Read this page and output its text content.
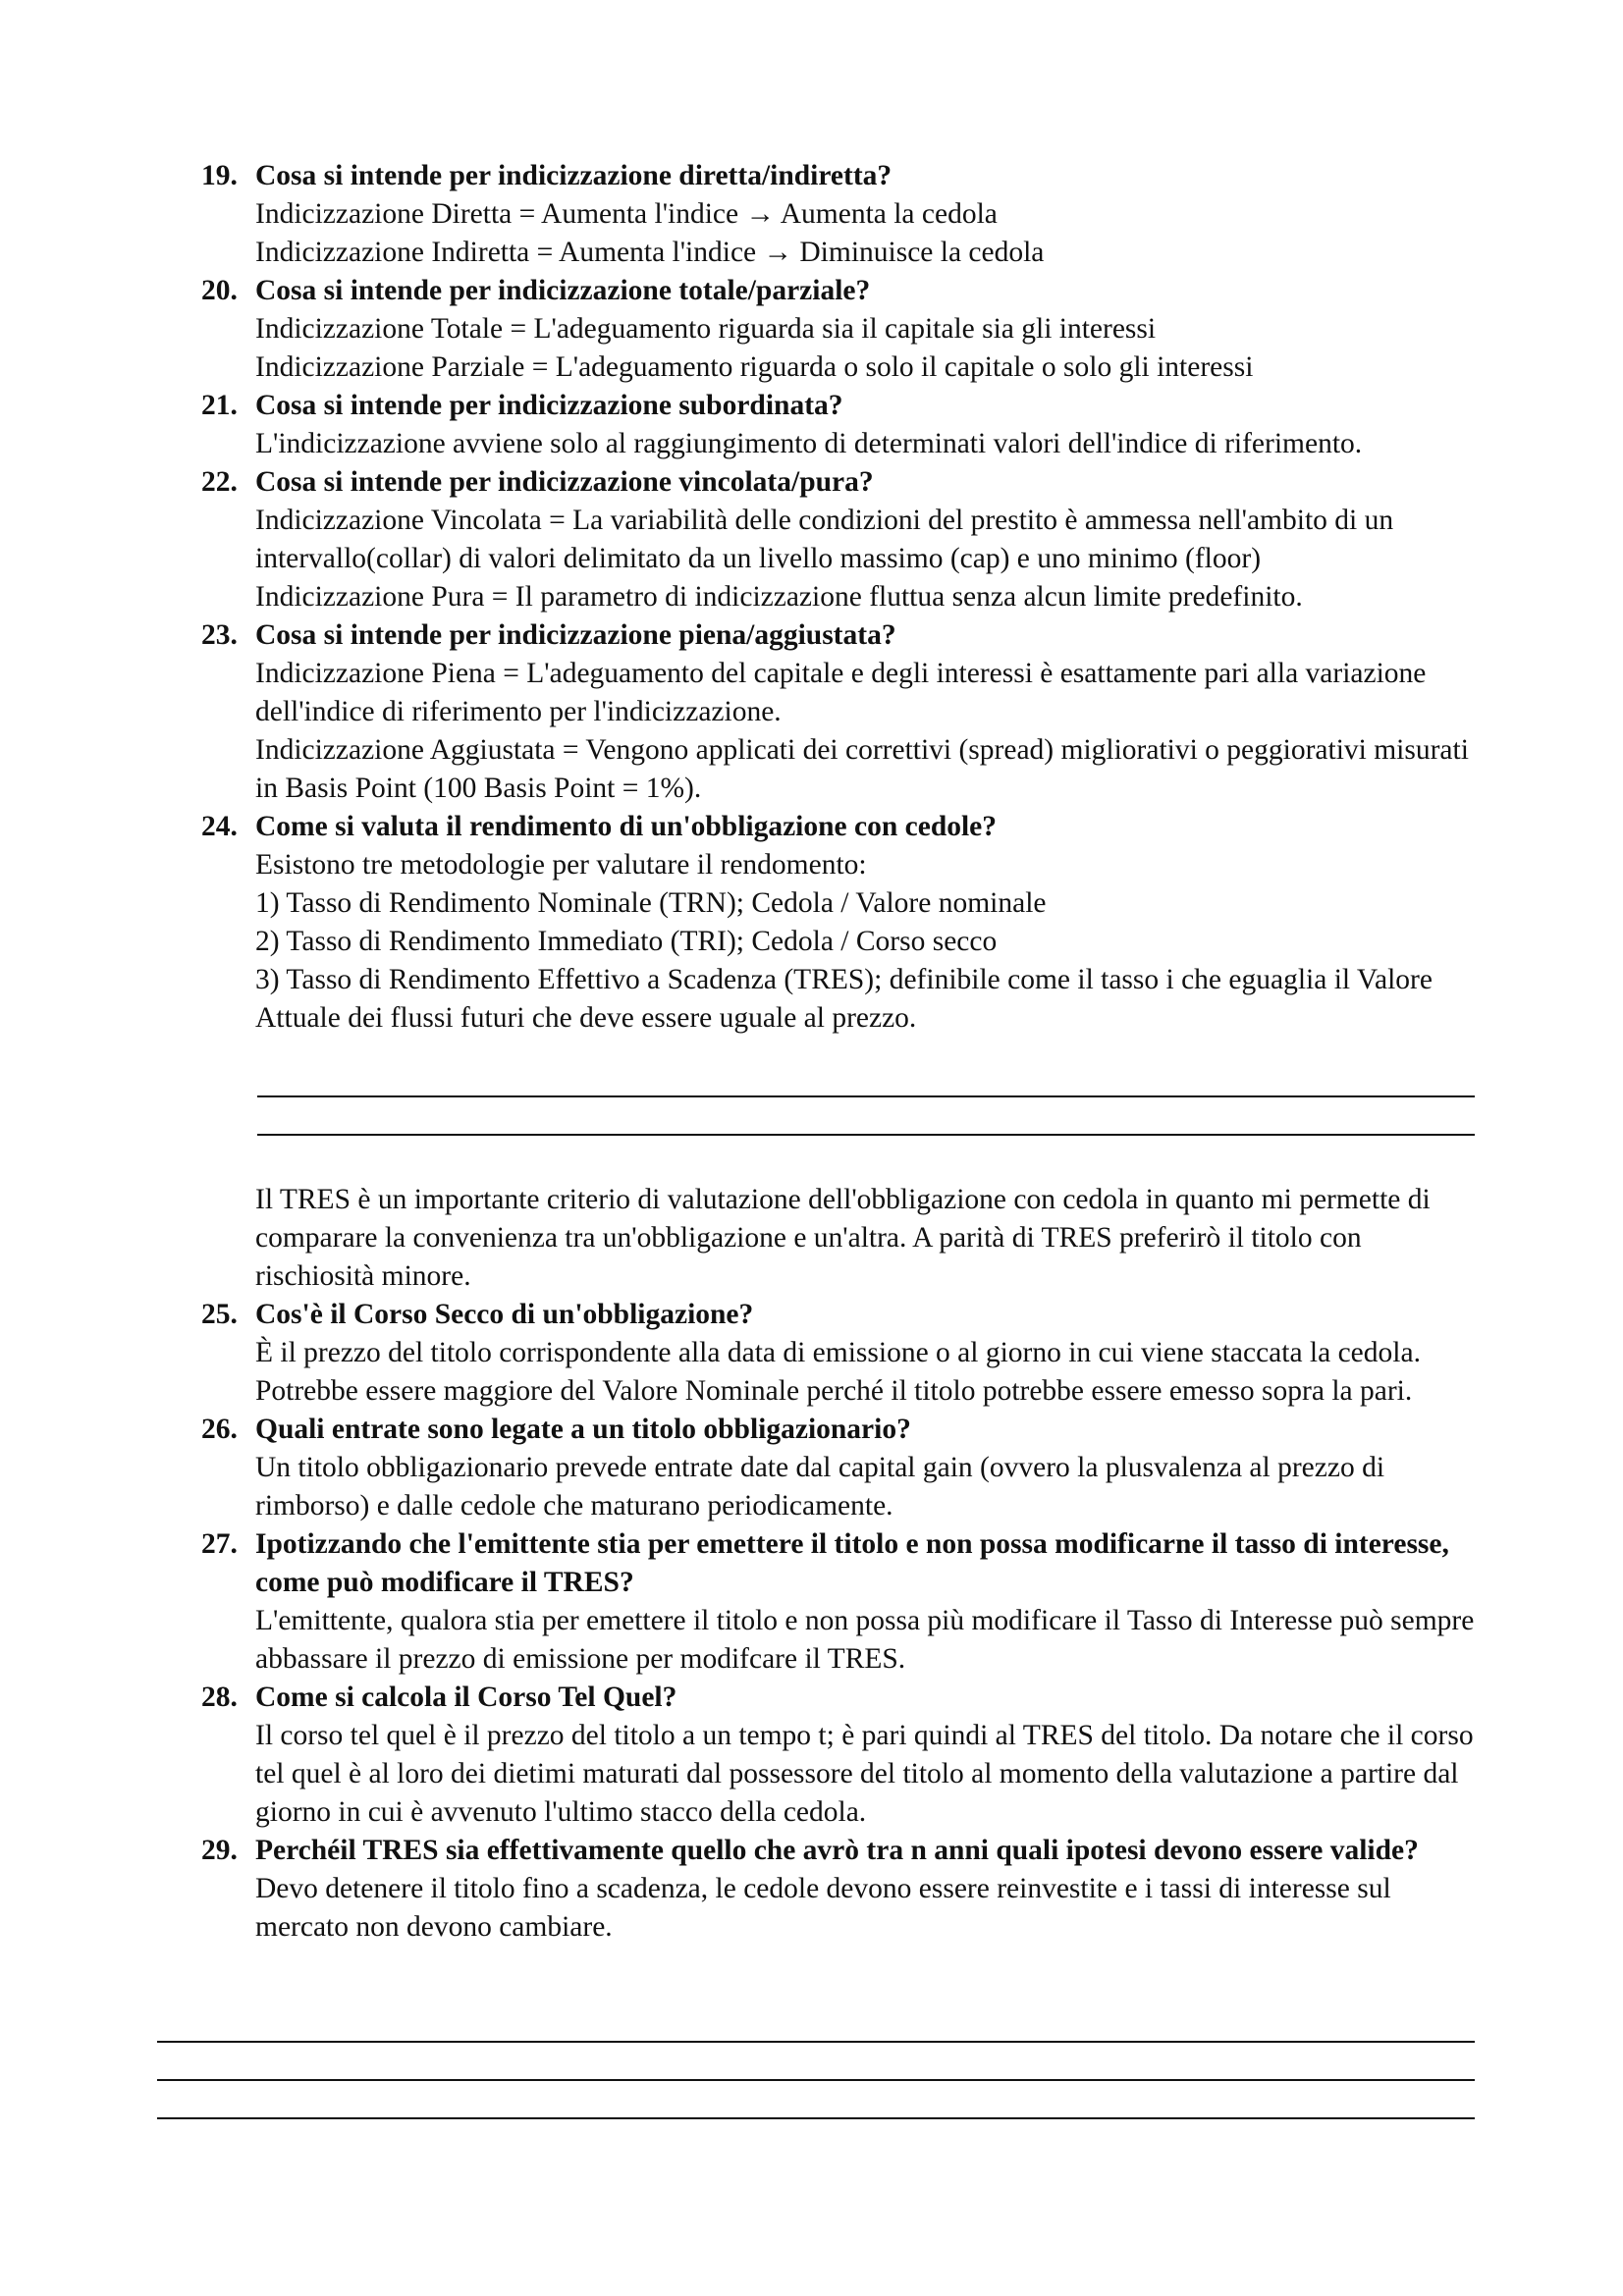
19. Cosa si intende per indicizzazione diretta/indiretta?

Indicizzazione Diretta = Aumenta l'indice → Aumenta la cedola

Indicizzazione Indiretta = Aumenta l'indice → Diminuisce la cedola

20. Cosa si intende per indicizzazione totale/parziale?

Indicizzazione Totale = L'adeguamento riguarda sia il capitale sia gli interessi

Indicizzazione Parziale = L'adeguamento riguarda o solo il capitale o solo gli interessi

21. Cosa si intende per indicizzazione subordinata?

L'indicizzazione avviene solo al raggiungimento di determinati valori dell'indice di riferimento.

22. Cosa si intende per indicizzazione vincolata/pura?

Indicizzazione Vincolata = La variabilità delle condizioni del prestito è ammessa nell'ambito di un intervallo(collar) di valori delimitato da un livello massimo (cap) e uno minimo (floor)

Indicizzazione Pura = Il parametro di indicizzazione fluttua senza alcun limite predefinito.

23. Cosa si intende per indicizzazione piena/aggiustata?

Indicizzazione Piena = L'adeguamento del capitale e degli interessi è esattamente pari alla variazione dell'indice di riferimento per l'indicizzazione.

Indicizzazione Aggiustata = Vengono applicati dei correttivi (spread) migliorativi o peggiorativi misurati in Basis Point (100 Basis Point = 1%).

24. Come si valuta il rendimento di un'obbligazione con cedole?

Esistono tre metodologie per valutare il rendomento:

1) Tasso di Rendimento Nominale (TRN); Cedola / Valore nominale

2) Tasso di Rendimento Immediato (TRI); Cedola / Corso secco

3) Tasso di Rendimento Effettivo a Scadenza (TRES); definibile come il tasso i che eguaglia il Valore Attuale dei flussi futuri che deve essere uguale al prezzo.

Il TRES è un importante criterio di valutazione dell'obbligazione con cedola in quanto mi permette di comparare la convenienza tra un'obbligazione e un'altra. A parità di TRES preferirò il titolo con rischiosità minore.

25. Cos'è il Corso Secco di un'obbligazione?

È il prezzo del titolo corrispondente alla data di emissione o al giorno in cui viene staccata la cedola. Potrebbe essere maggiore del Valore Nominale perché il titolo potrebbe essere emesso sopra la pari.

26. Quali entrate sono legate a un titolo obbligazionario?

Un titolo obbligazionario prevede entrate date dal capital gain (ovvero la plusvalenza al prezzo di rimborso) e dalle cedole che maturano periodicamente.

27. Ipotizzando che l'emittente stia per emettere il titolo e non possa modificarne il tasso di interesse, come può modificare il TRES?

L'emittente, qualora stia per emettere il titolo e non possa più modificare il Tasso di Interesse può sempre abbassare il prezzo di emissione per modifcare il TRES.

28. Come si calcola il Corso Tel Quel?

Il corso tel quel è il prezzo del titolo a un tempo t; è pari quindi al TRES del titolo. Da notare che il corso tel quel è al loro dei dietimi maturati dal possessore del titolo al momento della valutazione a partire dal giorno in cui è avvenuto l'ultimo stacco della cedola.

29. Perchéil TRES sia effettivamente quello che avrò tra n anni quali ipotesi devono essere valide?

Devo detenere il titolo fino a scadenza, le cedole devono essere reinvestite e i tassi di interesse sul mercato non devono cambiare.
